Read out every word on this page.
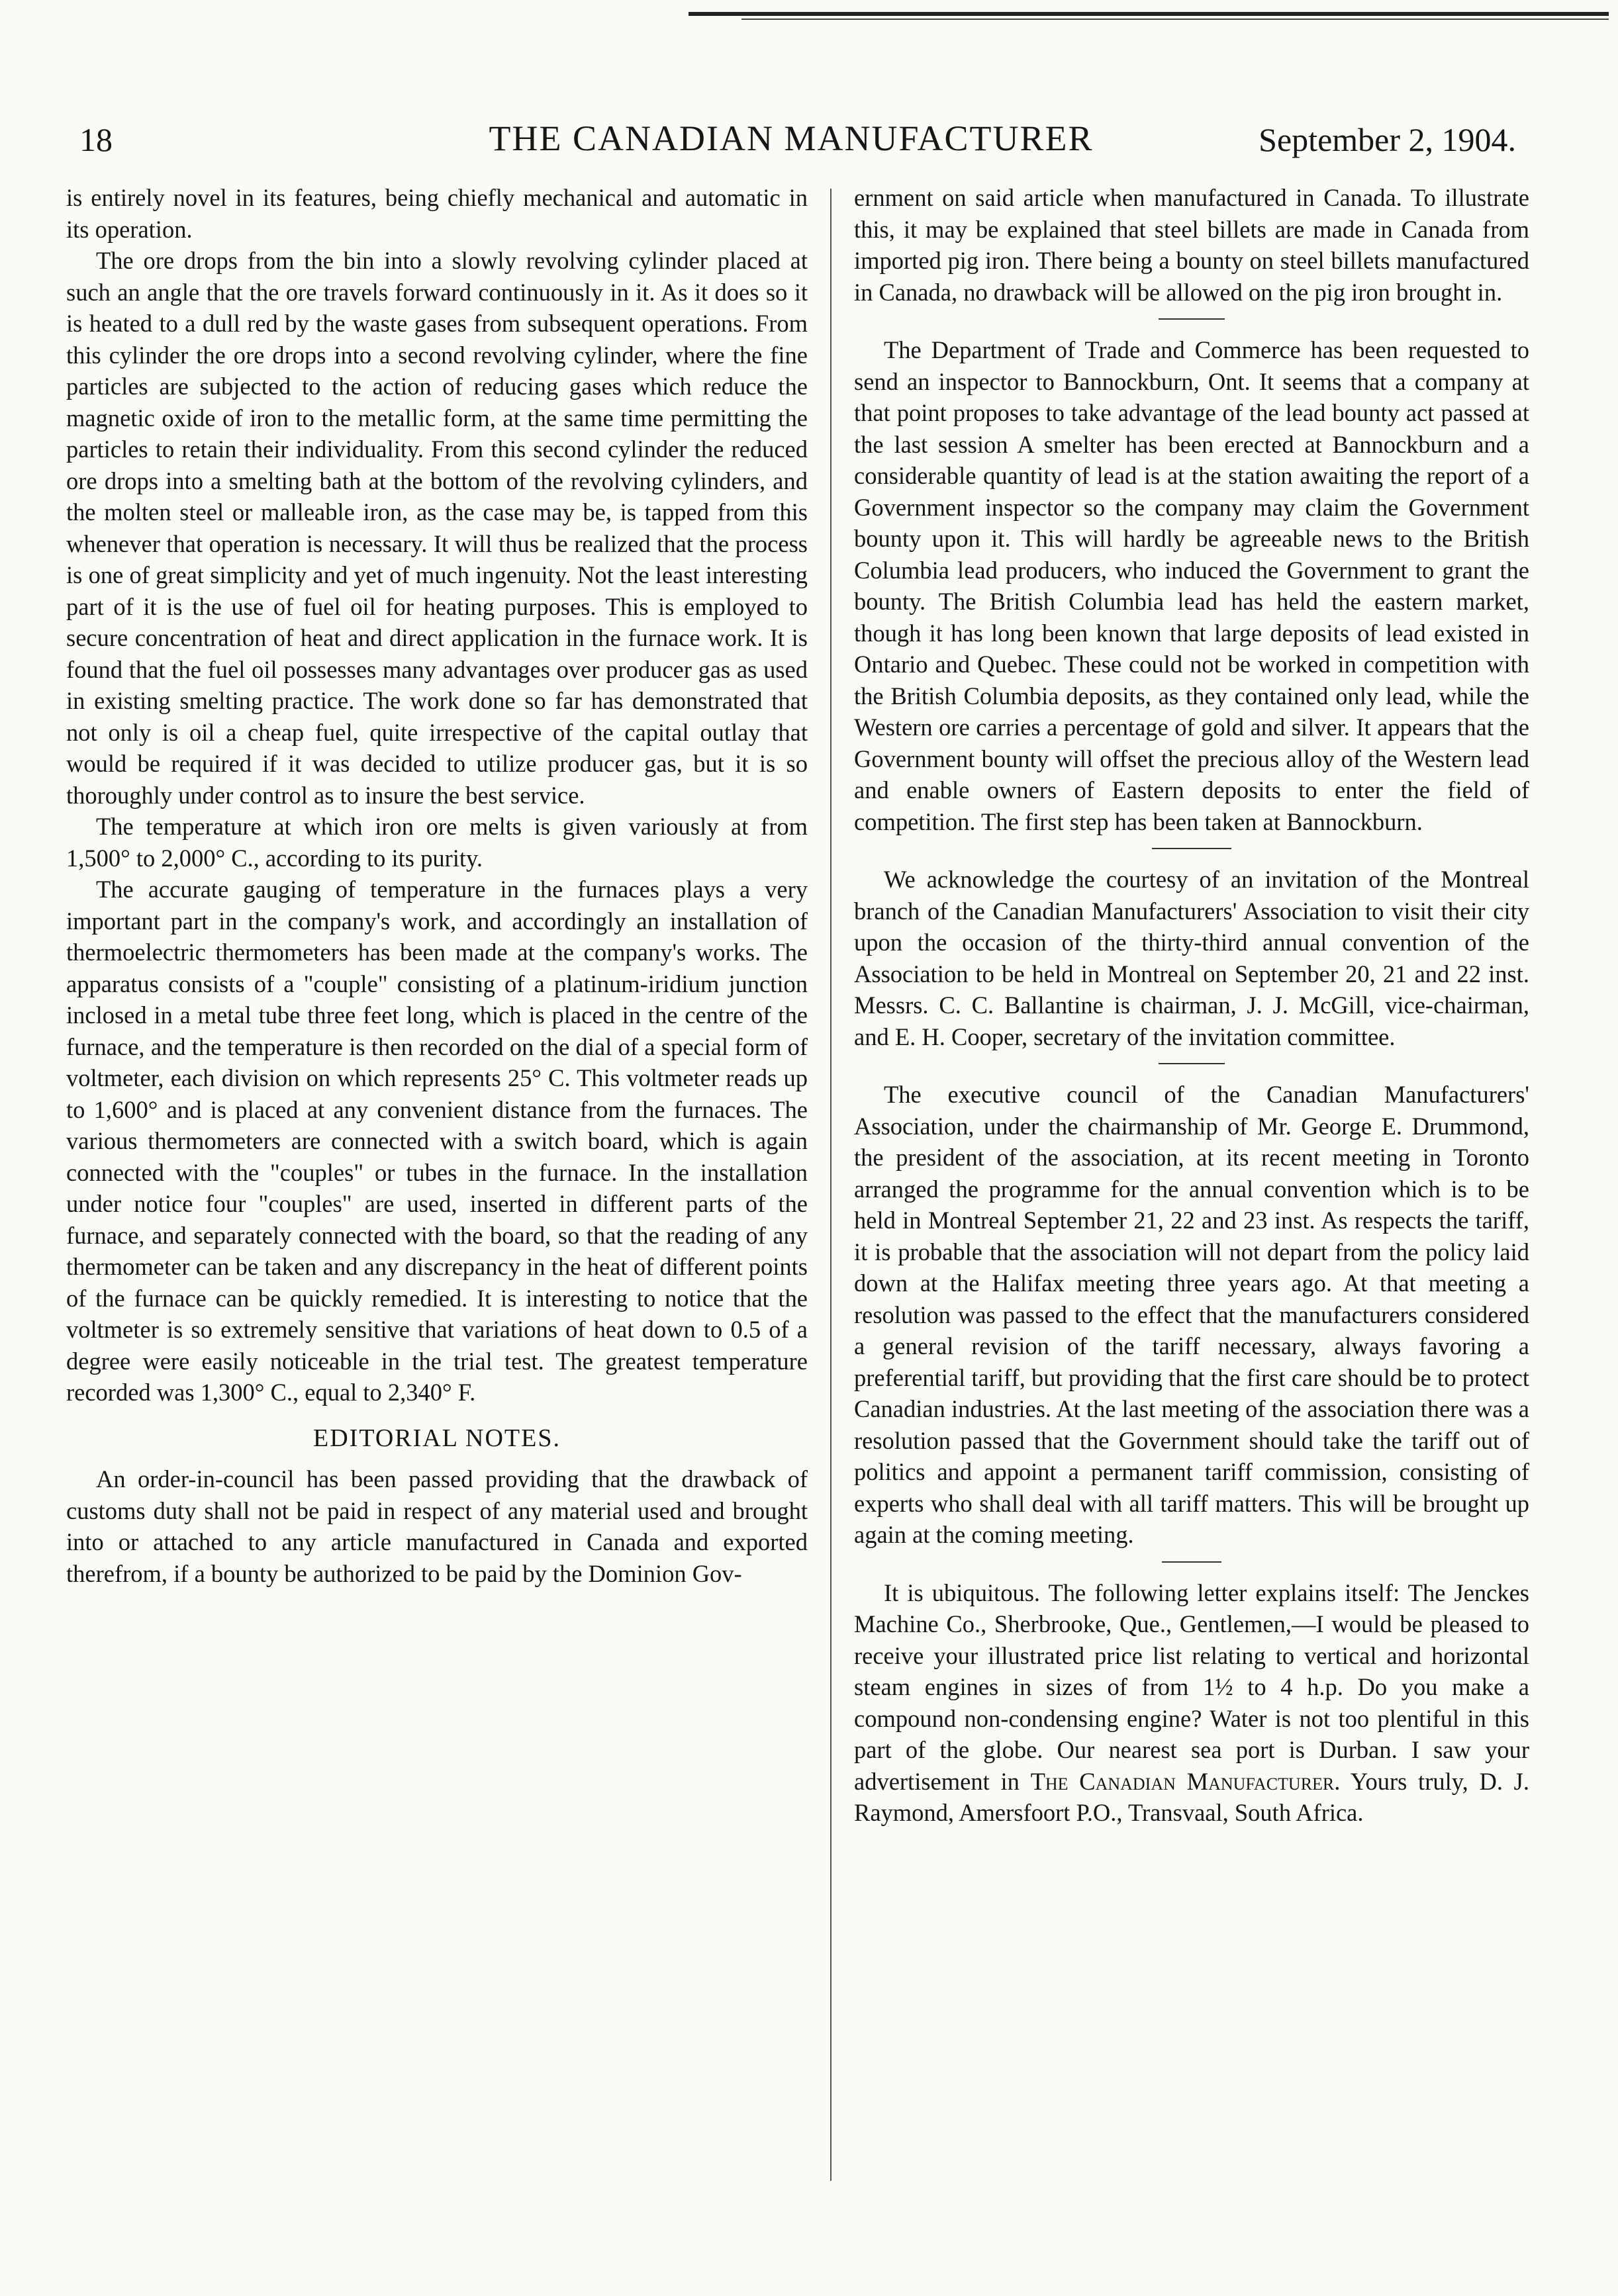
18	THE CANADIAN MANUFACTURER	September 2, 1904.

is entirely novel in its features, being chiefly mechanical and automatic in its operation.

The ore drops from the bin into a slowly revolving cylinder placed at such an angle that the ore travels forward continuously in it. As it does so it is heated to a dull red by the waste gases from subsequent operations. From this cylinder the ore drops into a second revolving cylinder, where the fine particles are subjected to the action of reducing gases which reduce the magnetic oxide of iron to the metallic form, at the same time permitting the particles to retain their individuality. From this second cylinder the reduced ore drops into a smelting bath at the bottom of the revolving cylinders, and the molten steel or malleable iron, as the case may be, is tapped from this whenever that operation is necessary. It will thus be realized that the process is one of great simplicity and yet of much ingenuity. Not the least interesting part of it is the use of fuel oil for heating purposes. This is employed to secure concentration of heat and direct application in the furnace work. It is found that the fuel oil possesses many advantages over producer gas as used in existing smelting practice. The work done so far has demonstrated that not only is oil a cheap fuel, quite irrespective of the capital outlay that would be required if it was decided to utilize producer gas, but it is so thoroughly under control as to insure the best service.

The temperature at which iron ore melts is given variously at from 1,500° to 2,000° C., according to its purity.

The accurate gauging of temperature in the furnaces plays a very important part in the company's work, and accordingly an installation of thermoelectric thermometers has been made at the company's works. The apparatus consists of a "couple" consisting of a platinum-iridium junction inclosed in a metal tube three feet long, which is placed in the centre of the furnace, and the temperature is then recorded on the dial of a special form of voltmeter, each division on which represents 25° C. This voltmeter reads up to 1,600° and is placed at any convenient distance from the furnaces. The various thermometers are connected with a switch board, which is again connected with the "couples" or tubes in the furnace. In the installation under notice four "couples" are used, inserted in different parts of the furnace, and separately connected with the board, so that the reading of any thermometer can be taken and any discrepancy in the heat of different points of the furnace can be quickly remedied. It is interesting to notice that the voltmeter is so extremely sensitive that variations of heat down to 0.5 of a degree were easily noticeable in the trial test. The greatest temperature recorded was 1,300° C., equal to 2,340° F.

EDITORIAL NOTES.

An order-in-council has been passed providing that the drawback of customs duty shall not be paid in respect of any material used and brought into or attached to any article manufactured in Canada and exported therefrom, if a bounty be authorized to be paid by the Dominion Gov-

ernment on said article when manufactured in Canada. To illustrate this, it may be explained that steel billets are made in Canada from imported pig iron. There being a bounty on steel billets manufactured in Canada, no drawback will be allowed on the pig iron brought in.

The Department of Trade and Commerce has been requested to send an inspector to Bannockburn, Ont. It seems that a company at that point proposes to take advantage of the lead bounty act passed at the last session A smelter has been erected at Bannockburn and a considerable quantity of lead is at the station awaiting the report of a Government inspector so the company may claim the Government bounty upon it. This will hardly be agreeable news to the British Columbia lead producers, who induced the Government to grant the bounty. The British Columbia lead has held the eastern market, though it has long been known that large deposits of lead existed in Ontario and Quebec. These could not be worked in competition with the British Columbia deposits, as they contained only lead, while the Western ore carries a percentage of gold and silver. It appears that the Government bounty will offset the precious alloy of the Western lead and enable owners of Eastern deposits to enter the field of competition. The first step has been taken at Bannockburn.

We acknowledge the courtesy of an invitation of the Montreal branch of the Canadian Manufacturers' Association to visit their city upon the occasion of the thirty-third annual convention of the Association to be held in Montreal on September 20, 21 and 22 inst. Messrs. C. C. Ballantine is chairman, J. J. McGill, vice-chairman, and E. H. Cooper, secretary of the invitation committee.

The executive council of the Canadian Manufacturers' Association, under the chairmanship of Mr. George E. Drummond, the president of the association, at its recent meeting in Toronto arranged the programme for the annual convention which is to be held in Montreal September 21, 22 and 23 inst. As respects the tariff, it is probable that the association will not depart from the policy laid down at the Halifax meeting three years ago. At that meeting a resolution was passed to the effect that the manufacturers considered a general revision of the tariff necessary, always favoring a preferential tariff, but providing that the first care should be to protect Canadian industries. At the last meeting of the association there was a resolution passed that the Government should take the tariff out of politics and appoint a permanent tariff commission, consisting of experts who shall deal with all tariff matters. This will be brought up again at the coming meeting.

It is ubiquitous. The following letter explains itself: The Jenckes Machine Co., Sherbrooke, Que., Gentlemen,—I would be pleased to receive your illustrated price list relating to vertical and horizontal steam engines in sizes of from 1½ to 4 h.p. Do you make a compound non-condensing engine? Water is not too plentiful in this part of the globe. Our nearest sea port is Durban. I saw your advertisement in The Canadian Manufacturer. Yours truly, D. J. Raymond, Amersfoort P.O., Transvaal, South Africa.
